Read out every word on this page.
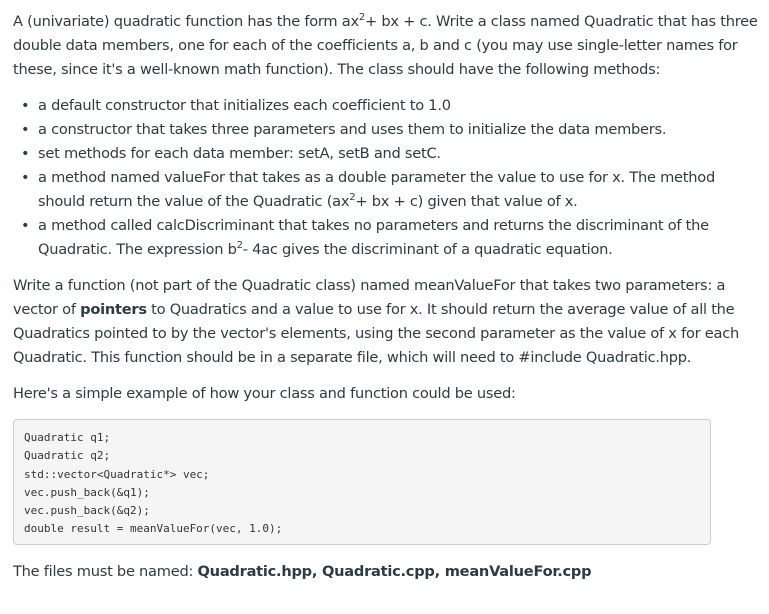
A (univariate) quadratic function has the form $ax^2+$ bx + c. Write a class named Quadratic that has three double data members, one for each of the coefficients a, b and c (you may use single-letter names for these, since it's a well-known math function). The class should have the following methods:

• a default constructor that initializes each coefficient to 1.0
• a constructor that takes three parameters and uses them to initialize the data members.
• set methods for each data member: setA, setB and setC.
• a method named valueFor that takes as a double parameter the value to use for x. The method should return the value of the Quadratic ($ax^2+$ bx + c) given that value of x.
• a method called calcDiscriminant that takes no parameters and returns the discriminant of the Quadratic. The expression $b^2-$ 4ac gives the discriminant of a quadratic equation.

Write a function (not part of the Quadratic class) named meanValueFor that takes two parameters: a vector of pointers to Quadratics and a value to use for x. It should return the average value of all the Quadratics pointed to by the vector's elements, using the second parameter as the value of x for each Quadratic. This function should be in a separate file, which will need to #include Quadratic.hpp.

Here's a simple example of how your class and function could be used:

Quadratic q1;
Quadratic q2;
std::vector<Quadratic*> vec;
vec.push_back(&q1);
vec.push_back(&q2);
double result = meanValueFor(vec, 1.0);

The files must be named: Quadratic.hpp, Quadratic.cpp, meanValueFor.cpp
